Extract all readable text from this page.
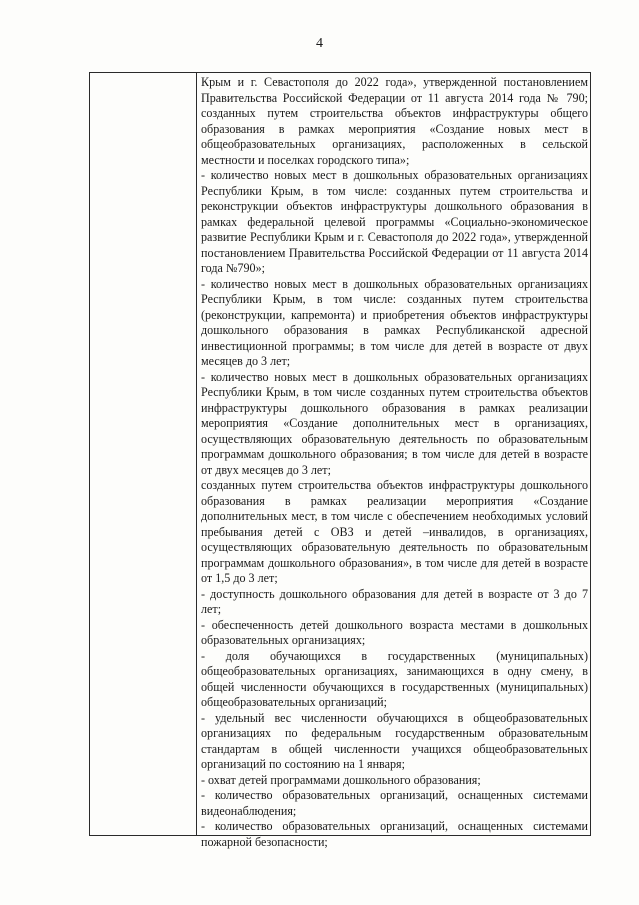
4

Крым и г. Севастополя до 2022 года», утвержденной постановлением Правительства Российской Федерации от 11 августа 2014 года № 790; созданных путем строительства объектов инфраструктуры общего образования в рамках мероприятия «Создание новых мест в общеобразовательных организациях, расположенных в сельской местности и поселках городского типа»;

- количество новых мест в дошкольных образовательных организациях Республики Крым, в том числе: созданных путем строительства и реконструкции объектов инфраструктуры дошкольного образования в рамках федеральной целевой программы «Социально-экономическое развитие Республики Крым и г. Севастополя до 2022 года», утвержденной постановлением Правительства Российской Федерации от 11 августа 2014 года №790»;

- количество новых мест в дошкольных образовательных организациях Республики Крым, в том числе: созданных путем строительства (реконструкции, капремонта) и приобретения объектов инфраструктуры дошкольного образования в рамках Республиканской адресной инвестиционной программы; в том числе для детей в возрасте от двух месяцев до 3 лет;

- количество новых мест в дошкольных образовательных организациях Республики Крым, в том числе созданных путем строительства объектов инфраструктуры дошкольного образования в рамках реализации мероприятия «Создание дополнительных мест в организациях, осуществляющих образовательную деятельность по образовательным программам дошкольного образования; в том числе для детей в возрасте от двух месяцев до 3 лет;

созданных путем строительства объектов инфраструктуры дошкольного образования в рамках реализации мероприятия «Создание дополнительных мест, в том числе с обеспечением необходимых условий пребывания детей с ОВЗ и детей –инвалидов, в организациях, осуществляющих образовательную деятельность по образовательным программам дошкольного образования», в том числе для детей в возрасте от 1,5 до 3 лет;

- доступность дошкольного образования для детей в возрасте от 3 до 7 лет;

- обеспеченность детей дошкольного возраста местами в дошкольных образовательных организациях;

- доля обучающихся в государственных (муниципальных) общеобразовательных организациях, занимающихся в одну смену, в общей численности обучающихся в государственных (муниципальных) общеобразовательных организаций;

- удельный вес численности обучающихся в общеобразовательных организациях по федеральным государственным образовательным стандартам в общей численности учащихся общеобразовательных организаций по состоянию на 1 января;

- охват детей программами дошкольного образования;

- количество образовательных организаций, оснащенных системами видеонаблюдения;

- количество образовательных организаций, оснащенных системами пожарной безопасности;
